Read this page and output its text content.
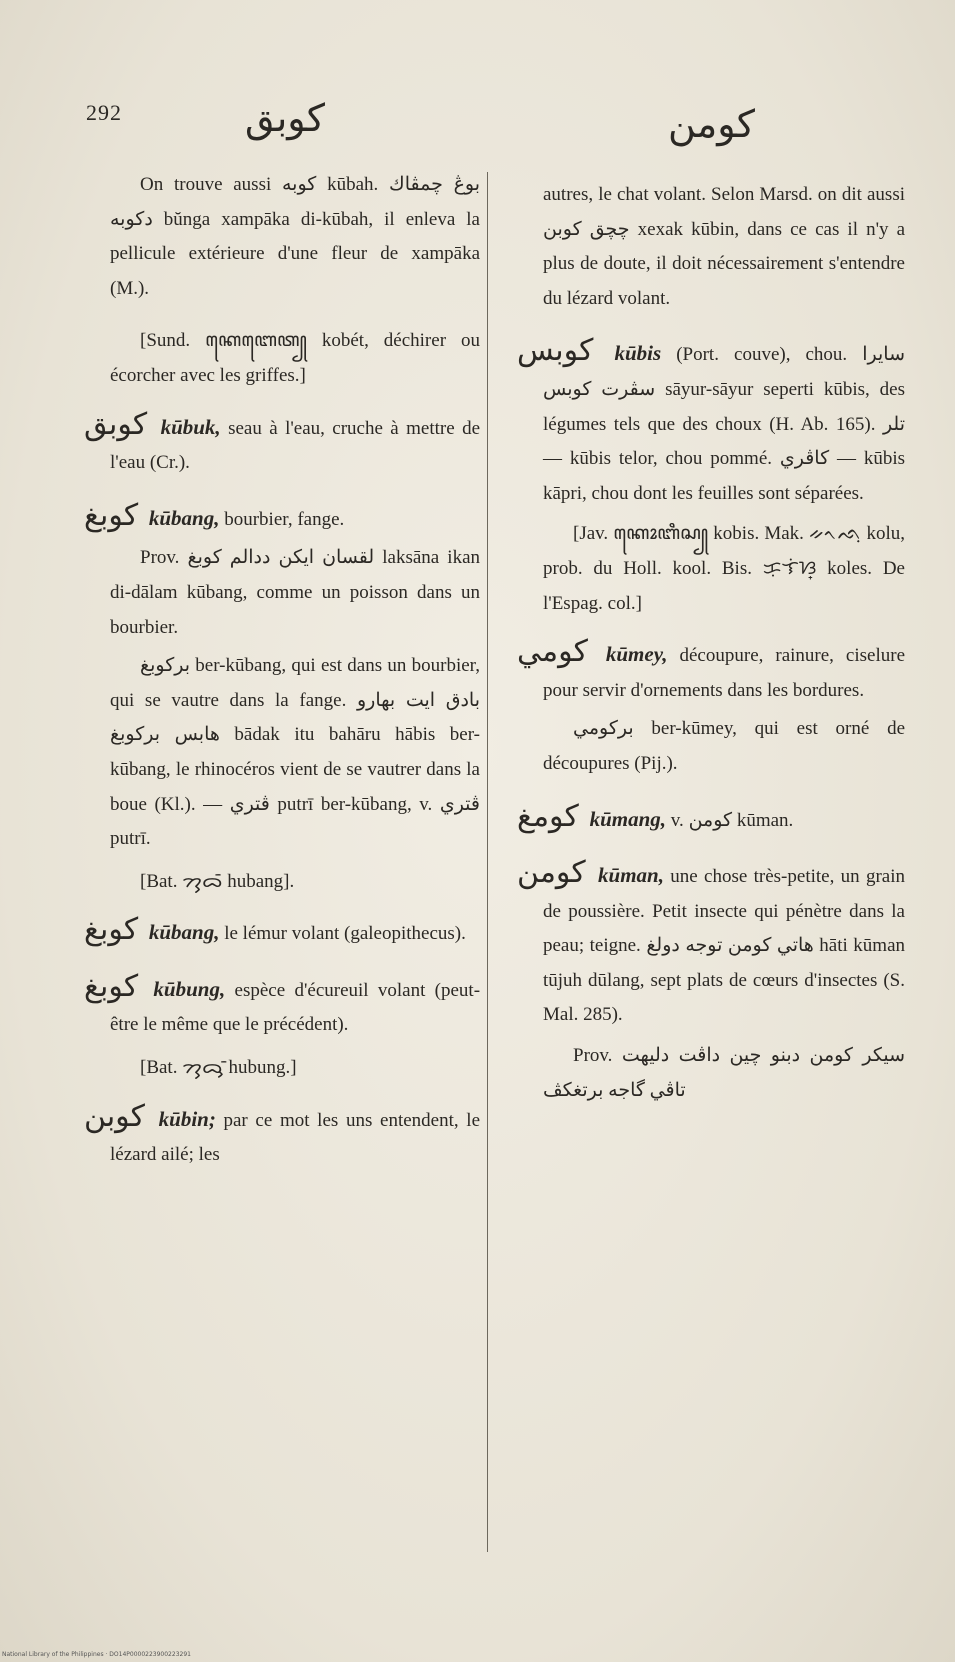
292	كوبق	كومن

On trouve aussi كوبه kūbah. بوڠ چمڤاك دكوبه bŭnga xampāka di-kūbah, il enleva la pellicule extérieure d'une fleur de xampāka (M.).

[Sund. ꦏꦺꦧꦺꦠ꧀ kobét, déchirer ou écorcher avec les griffes.]

كوبق kūbuk, seau à l'eau, cruche à mettre de l'eau (Cr.).

كوبغ kūbang, bourbier, fange.

Prov. لقسان ايكن ددالم كوبغ laksāna ikan di-dālam kūbang, comme un poisson dans un bourbier.

بركوبغ ber-kūbang, qui est dans un bourbier, qui se vautre dans la fange. بادق ايت بهارو هابس بركوبغ bādak itu bahāru hābis ber-kūbang, le rhinocéros vient de se vautrer dans la boue (Kl.). — ڤتري putrī ber-kūbang, v. ڤتري putrī.

[Bat. ᯂᯮᯅᯰ hubang].

كوبغ kūbang, le lémur volant (galeopithecus).

كوبغ kūbung, espèce d'écureuil volant (peut-être le même que le précédent).

[Bat. ᯂᯮᯅᯮᯰ hubung.]

كوبن kūbin; par ce mot les uns entendent, le lézard ailé; les

autres, le chat volant. Selon Marsd. on dit aussi چچق كوبن xexak kūbin, dans ce cas il n'y a plus de doute, il doit nécessairement s'entendre du lézard volant.

كوبس kūbis (Port. couve), chou. سايرا سڤرت كوبس sāyur-sāyur seperti kūbis, des légumes tels que des choux (H. Ab. 165). تلر — kūbis telor, chou pommé. كاڤري — kūbis kāpri, chou dont les feuilles sont séparées.

[Jav. ꦏꦺꦴꦧꦶꦱ꧀ kobis. Mak. ᨀᨚᨒᨘ kolu, prob. du Holl. kool. Bis. ᜃᜓᜎᜒᜐ᜔ koles. De l'Espag. col.]

كومي kūmey, découpure, rainure, ciselure pour servir d'ornements dans les bordures.

بركومي ber-kūmey, qui est orné de découpures (Pij.).

كومغ kūmang, v. كومن kūman.

كومن kūman, une chose très-petite, un grain de poussière. Petit insecte qui pénètre dans la peau; teigne. هاتي كومن توجه دولغ hāti kūman tūjuh dūlang, sept plats de cœurs d'insectes (S. Mal. 285).

Prov. سيكر كومن دبنو چين داڤت دليهت تاڤي گاجه برتغكڤ

National Library of the Philippines · DO14P0000223900223291
